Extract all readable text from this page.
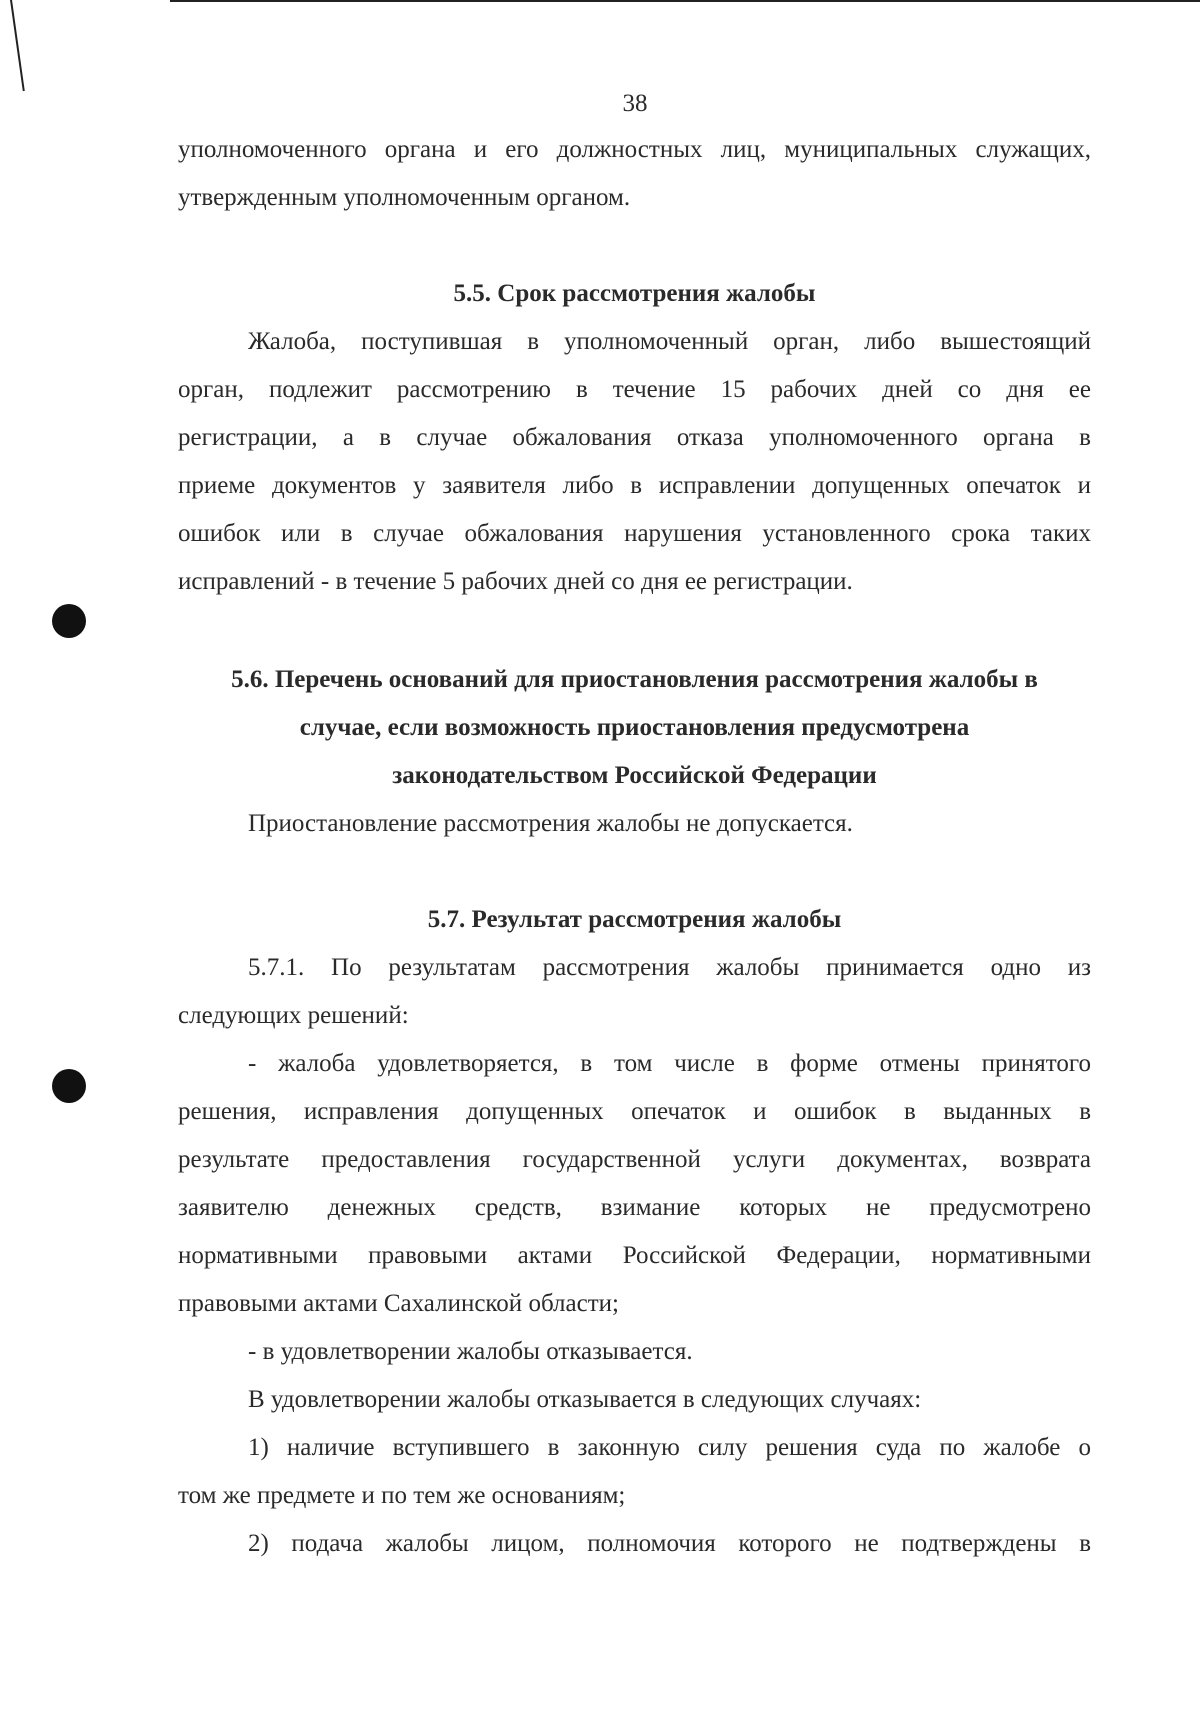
38
уполномоченного органа и его должностных лиц, муниципальных служащих,
утвержденным уполномоченным органом.
5.5. Срок рассмотрения жалобы
Жалоба, поступившая в уполномоченный орган, либо вышестоящий
орган, подлежит рассмотрению в течение 15 рабочих дней со дня ее
регистрации, а в случае обжалования отказа уполномоченного органа в
приеме документов у заявителя либо в исправлении допущенных опечаток и
ошибок или в случае обжалования нарушения установленного срока таких
исправлений - в течение 5 рабочих дней со дня ее регистрации.
5.6. Перечень оснований для приостановления рассмотрения жалобы в
случае, если возможность приостановления предусмотрена
законодательством Российской Федерации
Приостановление рассмотрения жалобы не допускается.
5.7. Результат рассмотрения жалобы
5.7.1. По результатам рассмотрения жалобы принимается одно из
следующих решений:
- жалоба удовлетворяется, в том числе в форме отмены принятого
решения, исправления допущенных опечаток и ошибок в выданных в
результате предоставления государственной услуги документах, возврата
заявителю денежных средств, взимание которых не предусмотрено
нормативными правовыми актами Российской Федерации, нормативными
правовыми актами Сахалинской области;
- в удовлетворении жалобы отказывается.
В удовлетворении жалобы отказывается в следующих случаях:
1) наличие вступившего в законную силу решения суда по жалобе о
том же предмете и по тем же основаниям;
2) подача жалобы лицом, полномочия которого не подтверждены в
